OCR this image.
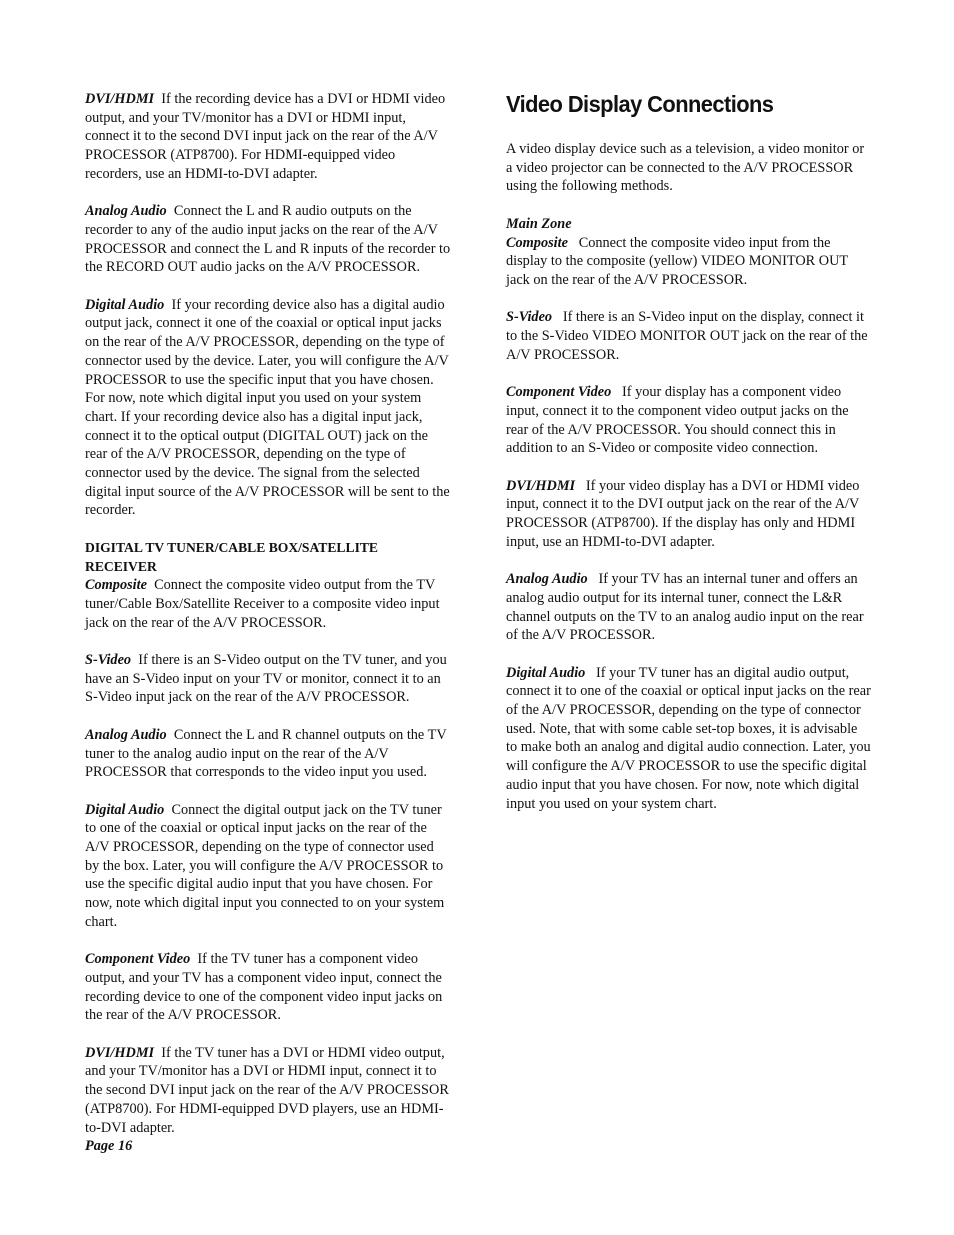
DVI/HDMI If the recording device has a DVI or HDMI video output, and your TV/monitor has a DVI or HDMI input, connect it to the second DVI input jack on the rear of the A/V PROCESSOR (ATP8700). For HDMI-equipped video recorders, use an HDMI-to-DVI adapter.

Analog Audio Connect the L and R audio outputs on the recorder to any of the audio input jacks on the rear of the A/V PROCESSOR and connect the L and R inputs of the recorder to the RECORD OUT audio jacks on the A/V PROCESSOR.

Digital Audio If your recording device also has a digital audio output jack, connect it one of the coaxial or optical input jacks on the rear of the A/V PROCESSOR, depending on the type of connector used by the device. Later, you will configure the A/V PROCESSOR to use the specific input that you have chosen. For now, note which digital input you used on your system chart. If your recording device also has a digital input jack, connect it to the optical output (DIGITAL OUT) jack on the rear of the A/V PROCESSOR, depending on the type of connector used by the device. The signal from the selected digital input source of the A/V PROCESSOR will be sent to the recorder.

DIGITAL TV TUNER/CABLE BOX/SATELLITE RECEIVER
Composite Connect the composite video output from the TV tuner/Cable Box/Satellite Receiver to a composite video input jack on the rear of the A/V PROCESSOR.

S-Video If there is an S-Video output on the TV tuner, and you have an S-Video input on your TV or monitor, connect it to an S-Video input jack on the rear of the A/V PROCESSOR.

Analog Audio Connect the L and R channel outputs on the TV tuner to the analog audio input on the rear of the A/V PROCESSOR that corresponds to the video input you used.

Digital Audio Connect the digital output jack on the TV tuner to one of the coaxial or optical input jacks on the rear of the A/V PROCESSOR, depending on the type of connector used by the box. Later, you will configure the A/V PROCESSOR to use the specific digital audio input that you have chosen. For now, note which digital input you connected to on your system chart.

Component Video If the TV tuner has a component video output, and your TV has a component video input, connect the recording device to one of the component video input jacks on the rear of the A/V PROCESSOR.

DVI/HDMI If the TV tuner has a DVI or HDMI video output, and your TV/monitor has a DVI or HDMI input, connect it to the second DVI input jack on the rear of the A/V PROCESSOR (ATP8700). For HDMI-equipped DVD players, use an HDMI-to-DVI adapter.

Video Display Connections

A video display device such as a television, a video monitor or a video projector can be connected to the A/V PROCESSOR using the following methods.

Main Zone
Composite Connect the composite video input from the display to the composite (yellow) VIDEO MONITOR OUT jack on the rear of the A/V PROCESSOR.

S-Video If there is an S-Video input on the display, connect it to the S-Video VIDEO MONITOR OUT jack on the rear of the A/V PROCESSOR.

Component Video If your display has a component video input, connect it to the component video output jacks on the rear of the A/V PROCESSOR. You should connect this in addition to an S-Video or composite video connection.

DVI/HDMI If your video display has a DVI or HDMI video input, connect it to the DVI output jack on the rear of the A/V PROCESSOR (ATP8700). If the display has only and HDMI input, use an HDMI-to-DVI adapter.

Analog Audio If your TV has an internal tuner and offers an analog audio output for its internal tuner, connect the L&R channel outputs on the TV to an analog audio input on the rear of the A/V PROCESSOR.

Digital Audio If your TV tuner has an digital audio output, connect it to one of the coaxial or optical input jacks on the rear of the A/V PROCESSOR, depending on the type of connector used. Note, that with some cable set-top boxes, it is advisable to make both an analog and digital audio connection. Later, you will configure the A/V PROCESSOR to use the specific digital audio input that you have chosen. For now, note which digital input you used on your system chart.

Page 16
